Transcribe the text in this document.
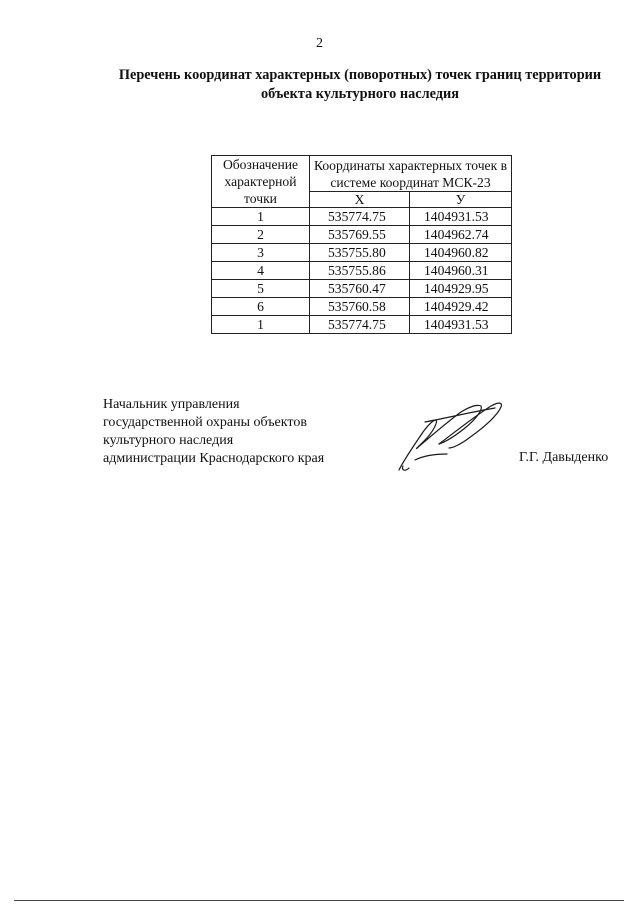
2
Перечень координат характерных (поворотных) точек границ территории
объекта культурного наследия
Обозначение характерной точки	Координаты характерных точек в системе координат МСК-23	
	X	У
1	535774.75	1404931.53
2	535769.55	1404962.74
3	535755.80	1404960.82
4	535755.86	1404960.31
5	535760.47	1404929.95
6	535760.58	1404929.42
1	535774.75	1404931.53
Начальник управления
государственной охраны объектов
культурного наследия
администрации Краснодарского края	Г.Г. Давыденко
